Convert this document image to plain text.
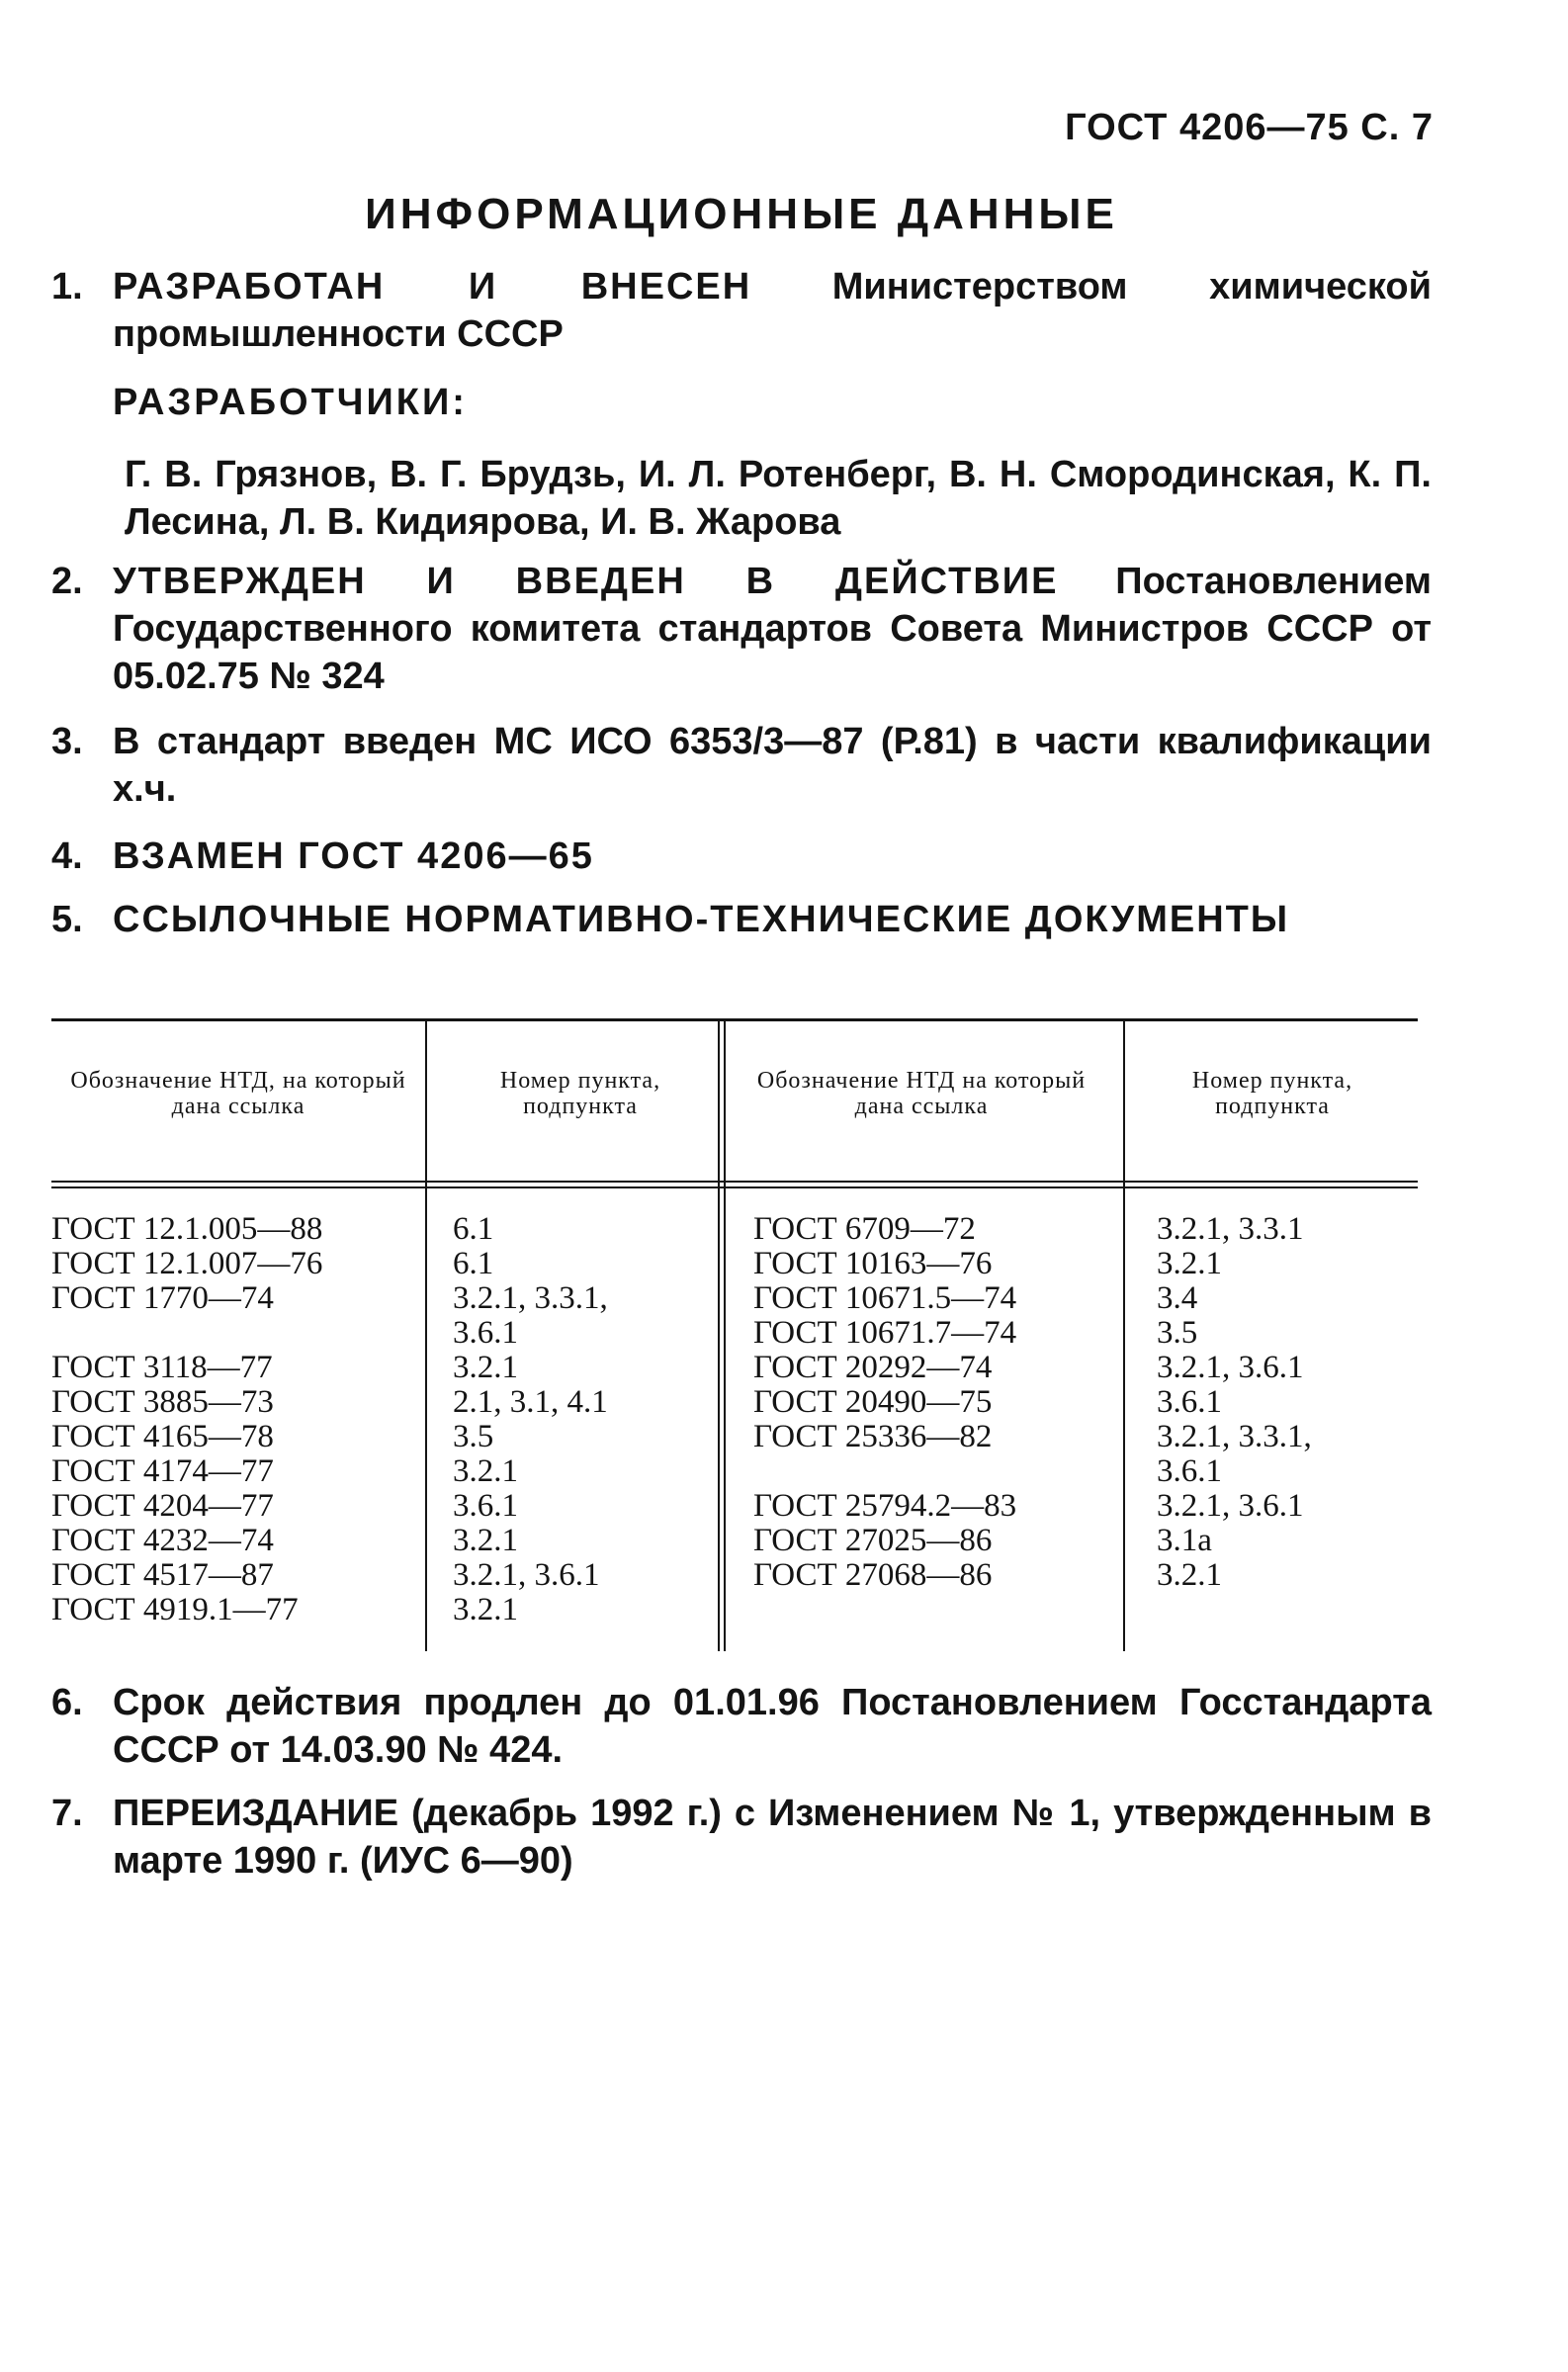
ГОСТ 4206—75 С. 7
ИНФОРМАЦИОННЫЕ ДАННЫЕ
1. РАЗРАБОТАН И ВНЕСЕН Министерством химической промышленности СССР
РАЗРАБОТЧИКИ:
Г. В. Грязнов, В. Г. Брудзь, И. Л. Ротенберг, В. Н. Смородинская, К. П. Лесина, Л. В. Кидиярова, И. В. Жарова
2. УТВЕРЖДЕН И ВВЕДЕН В ДЕЙСТВИЕ Постановлением Государственного комитета стандартов Совета Министров СССР от 05.02.75 № 324
3. В стандарт введен МС ИСО 6353/3—87 (Р.81) в части квалификации х.ч.
4. ВЗАМЕН ГОСТ 4206—65
5. ССЫЛОЧНЫЕ НОРМАТИВНО-ТЕХНИЧЕСКИЕ ДОКУМЕНТЫ
Обозначение НТД, на который дана ссылка
Номер пункта, подпункта
Обозначение НТД на который дана ссылка
Номер пункта, подпункта
ГОСТ 12.1.005—88
ГОСТ 12.1.007—76
ГОСТ 1770—74

ГОСТ 3118—77
ГОСТ 3885—73
ГОСТ 4165—78
ГОСТ 4174—77
ГОСТ 4204—77
ГОСТ 4232—74
ГОСТ 4517—87
ГОСТ 4919.1—77
6.1
6.1
3.2.1, 3.3.1,
3.6.1
3.2.1
2.1, 3.1, 4.1
3.5
3.2.1
3.6.1
3.2.1
3.2.1, 3.6.1
3.2.1
ГОСТ 6709—72
ГОСТ 10163—76
ГОСТ 10671.5—74
ГОСТ 10671.7—74
ГОСТ 20292—74
ГОСТ 20490—75
ГОСТ 25336—82

ГОСТ 25794.2—83
ГОСТ 27025—86
ГОСТ 27068—86
3.2.1, 3.3.1
3.2.1
3.4
3.5
3.2.1, 3.6.1
3.6.1
3.2.1, 3.3.1,
3.6.1
3.2.1, 3.6.1
3.1а
3.2.1
6. Срок действия продлен до 01.01.96 Постановлением Госстандарта СССР от 14.03.90 № 424.
7. ПЕРЕИЗДАНИЕ (декабрь 1992 г.) с Изменением № 1, утвержденным в марте 1990 г. (ИУС 6—90)
